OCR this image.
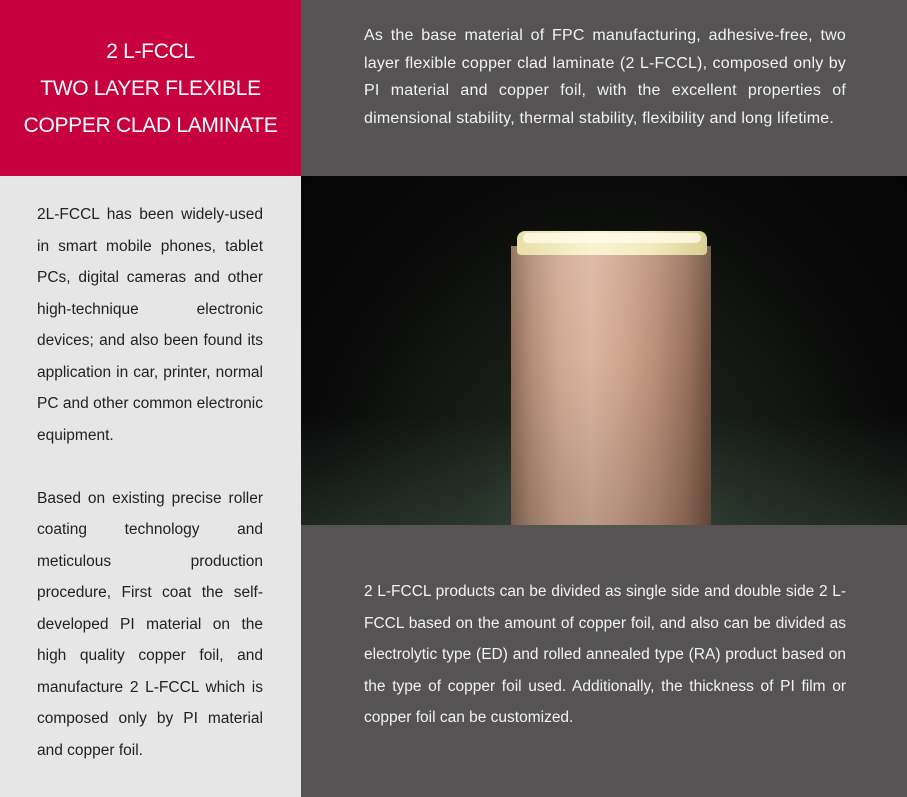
2 L-FCCL
TWO LAYER FLEXIBLE
COPPER CLAD LAMINATE

As the base material of FPC manufacturing, adhesive-free, two layer flexible copper clad laminate (2 L-FCCL), composed only by PI material and copper foil, with the excellent properties of dimensional stability, thermal stability, flexibility and long lifetime.

2L-FCCL has been widely-used in smart mobile phones, tablet PCs, digital cameras and other high-technique electronic devices; and also been found its application in car, printer, normal PC and other common electronic equipment.

Based on existing precise roller coating technology and meticulous production procedure, First coat the self-developed PI material on the high quality copper foil, and manufacture 2 L-FCCL which is composed only by PI material and copper foil.

2 L-FCCL products can be divided as single side and double side 2 L-FCCL based on the amount of copper foil, and also can be divided as electrolytic type (ED) and rolled annealed type (RA) product based on the type of copper foil used. Additionally, the thickness of PI film or copper foil can be customized.
